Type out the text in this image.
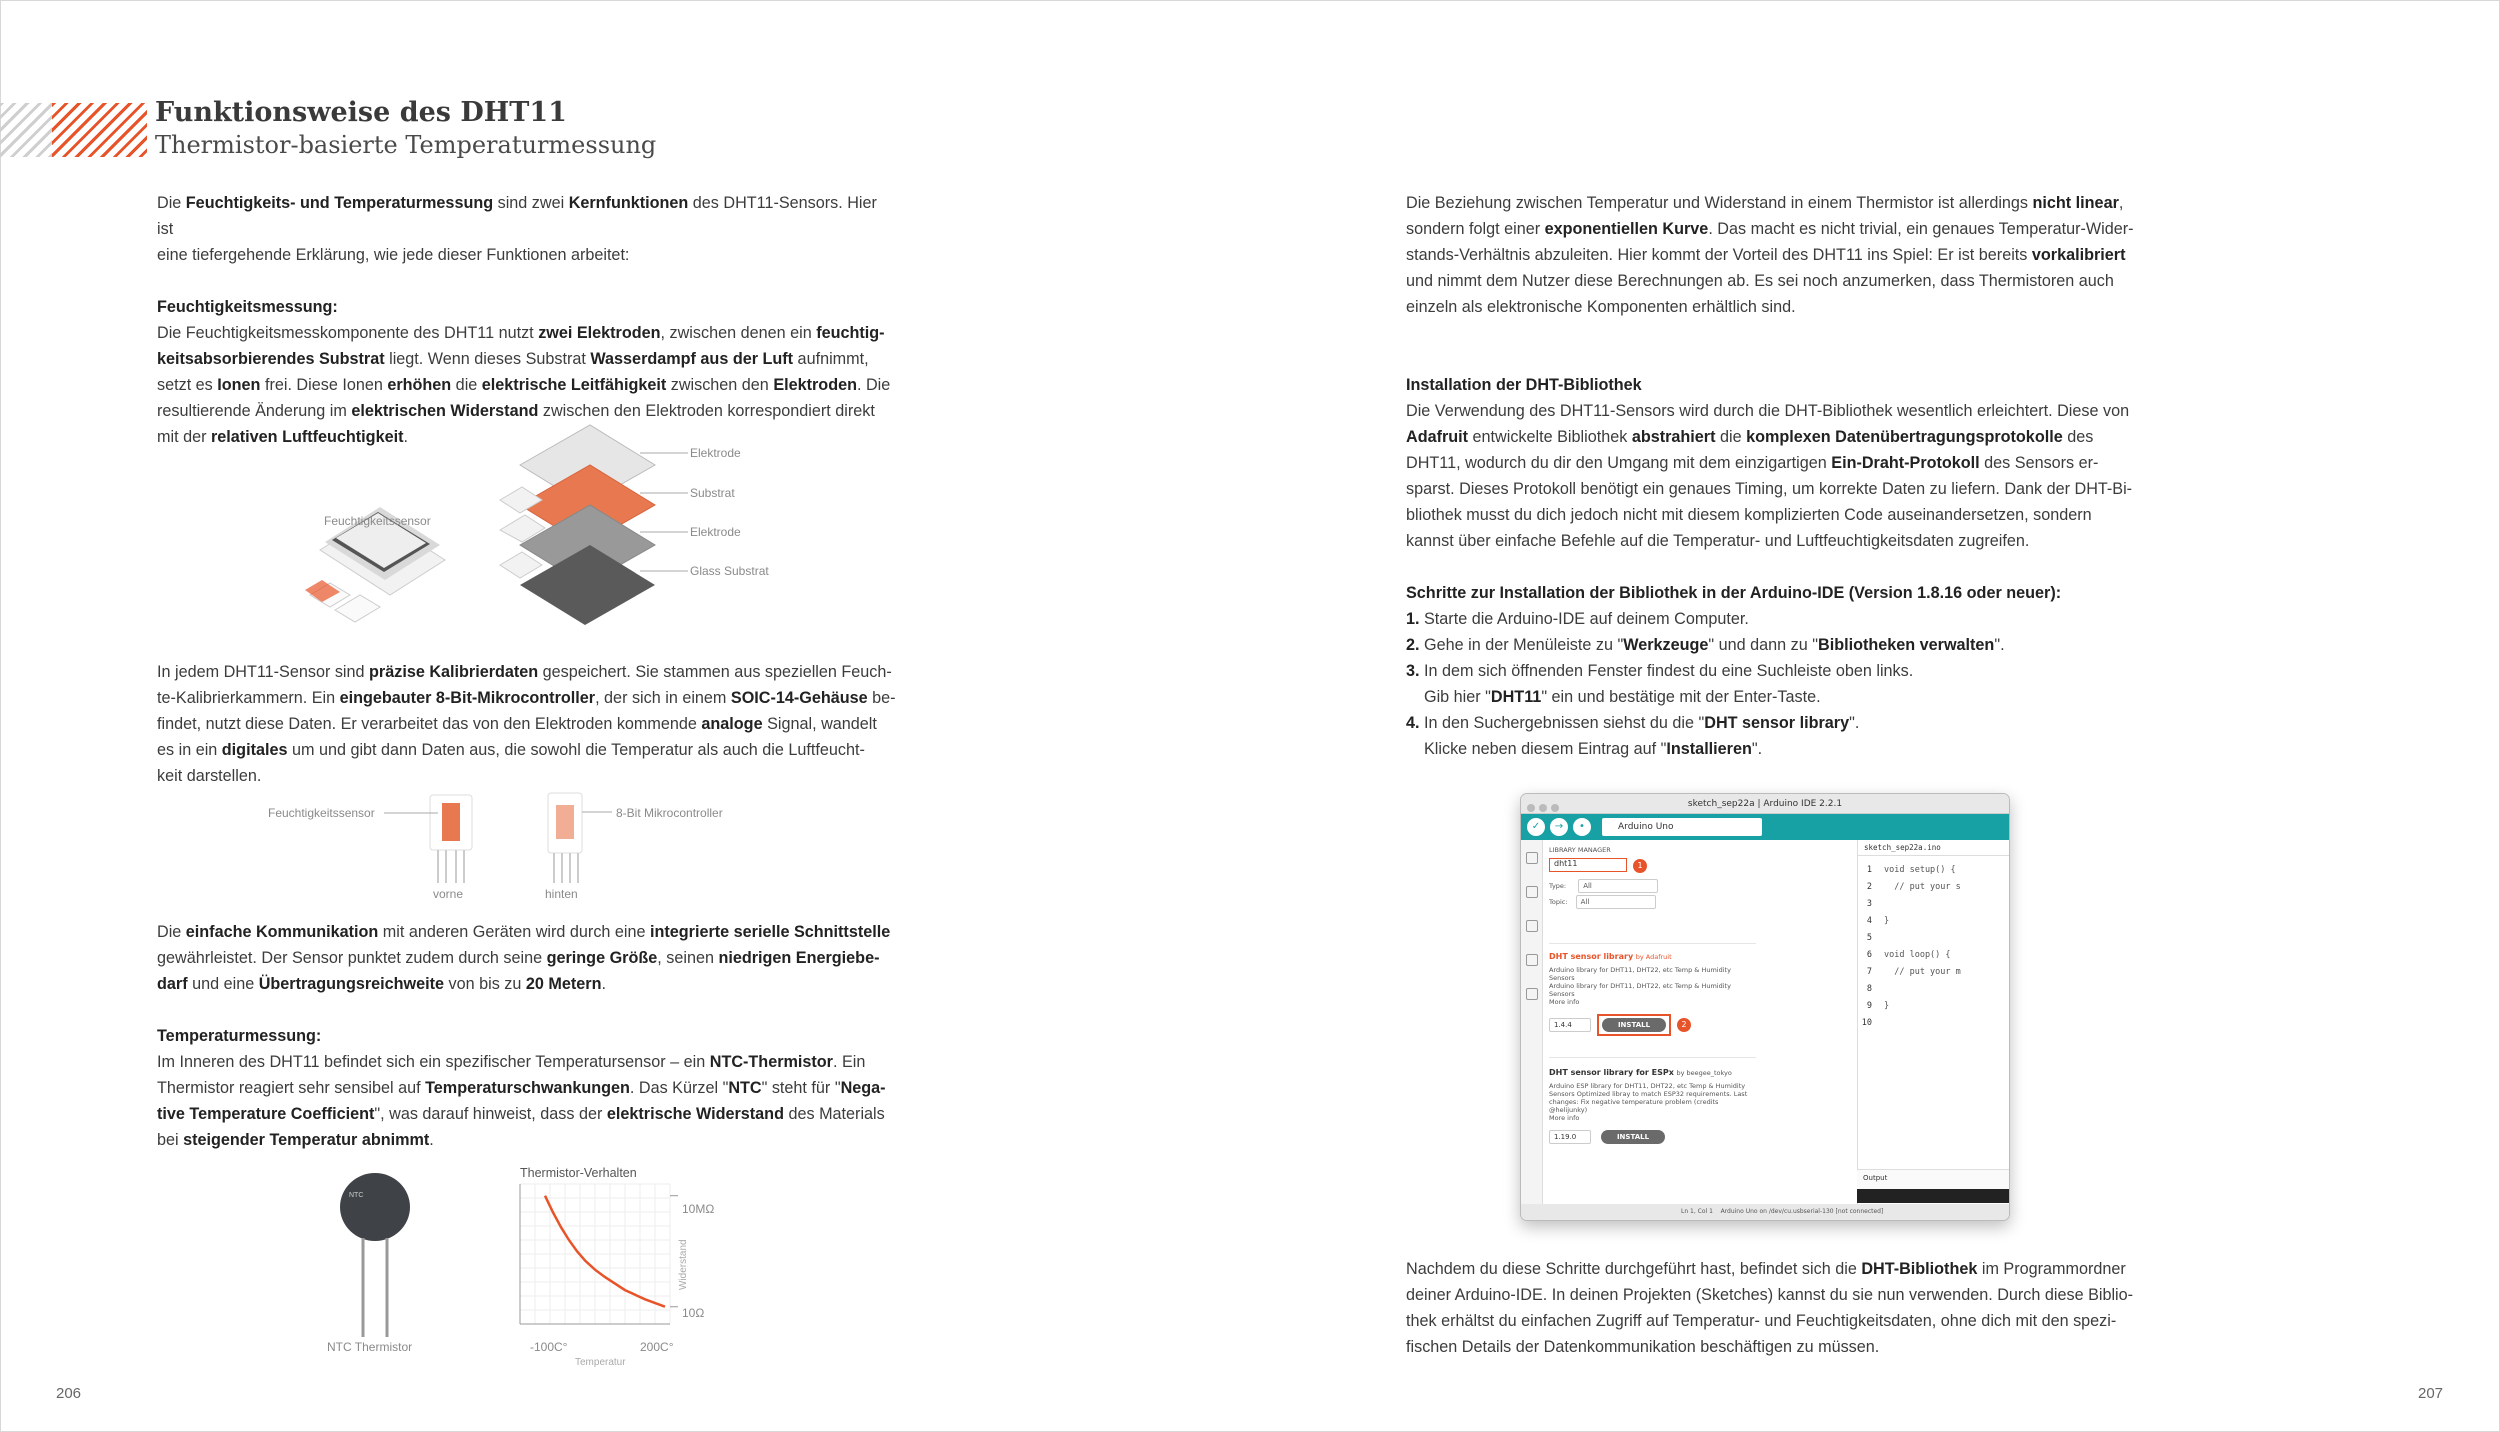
Funktionsweise des DHT11
Thermistor-basierte Temperaturmessung

Die Feuchtigkeits- und Temperaturmessung sind zwei Kernfunktionen des DHT11-Sensors. Hier ist
eine tiefergehende Erklärung, wie jede dieser Funktionen arbeitet:

Feuchtigkeitsmessung:

Die Feuchtigkeitsmesskomponente des DHT11 nutzt zwei Elektroden, zwischen denen ein feuchtig-
keitsabsorbierendes Substrat liegt. Wenn dieses Substrat Wasserdampf aus der Luft aufnimmt,
setzt es Ionen frei. Diese Ionen erhöhen die elektrische Leitfähigkeit zwischen den Elektroden. Die
resultierende Änderung im elektrischen Widerstand zwischen den Elektroden korrespondiert direkt
mit der relativen Luftfeuchtigkeit.

Feuchtigkeitssensor
Elektrode
Substrat
Elektrode
Glass Substrat
In jedem DHT11-Sensor sind präzise Kalibrierdaten gespeichert. Sie stammen aus speziellen Feuch-
te-Kalibrierkammern. Ein eingebauter 8-Bit-Mikrocontroller, der sich in einem SOIC-14-Gehäuse be-
findet, nutzt diese Daten. Er verarbeitet das von den Elektroden kommende analoge Signal, wandelt
es in ein digitales um und gibt dann Daten aus, die sowohl die Temperatur als auch die Luftfeucht-
keit darstellen.
Feuchtigkeitssensor	8-Bit Mikrocontroller
vorne	hinten

Die einfache Kommunikation mit anderen Geräten wird durch eine integrierte serielle Schnittstelle
gewährleistet. Der Sensor punktet zudem durch seine geringe Größe, seinen niedrigen Energiebe-
darf und eine Übertragungsreichweite von bis zu 20 Metern.

Temperaturmessung:

Im Inneren des DHT11 befindet sich ein spezifischer Temperatursensor – ein NTC-Thermistor. Ein
Thermistor reagiert sehr sensibel auf Temperaturschwankungen. Das Kürzel "NTC" steht für "Nega-
tive Temperature Coefficient", was darauf hinweist, dass der elektrische Widerstand des Materials
bei steigender Temperatur abnimmt.

NTC
NTC Thermistor
Thermistor-Verhalten
10MΩ
10Ω
Widerstand
-100C°	200C°
Temperatur
206

Die Beziehung zwischen Temperatur und Widerstand in einem Thermistor ist allerdings nicht linear,
sondern folgt einer exponentiellen Kurve. Das macht es nicht trivial, ein genaues Temperatur-Wider-
stands-Verhältnis abzuleiten. Hier kommt der Vorteil des DHT11 ins Spiel: Er ist bereits vorkalibriert
und nimmt dem Nutzer diese Berechnungen ab. Es sei noch anzumerken, dass Thermistoren auch
einzeln als elektronische Komponenten erhältlich sind.

Installation der DHT-Bibliothek

Die Verwendung des DHT11-Sensors wird durch die DHT-Bibliothek wesentlich erleichtert. Diese von
Adafruit entwickelte Bibliothek abstrahiert die komplexen Datenübertragungsprotokolle des
DHT11, wodurch du dir den Umgang mit dem einzigartigen Ein-Draht-Protokoll des Sensors er-
sparst. Dieses Protokoll benötigt ein genaues Timing, um korrekte Daten zu liefern. Dank der DHT-Bi-
bliothek musst du dich jedoch nicht mit diesem komplizierten Code auseinandersetzen, sondern
kannst über einfache Befehle auf die Temperatur- und Luftfeuchtigkeitsdaten zugreifen.

Schritte zur Installation der Bibliothek in der Arduino-IDE (Version 1.8.16 oder neuer):

1. Starte die Arduino-IDE auf deinem Computer.
2. Gehe in der Menüleiste zu "Werkzeuge" und dann zu "Bibliotheken verwalten".
3. In dem sich öffnenden Fenster findest du eine Suchleiste oben links.
Gib hier "DHT11" ein und bestätige mit der Enter-Taste.
4. In den Suchergebnissen siehst du die "DHT sensor library".
Klicke neben diesem Eintrag auf "Installieren".

sketch_sep22a | Arduino IDE 2.2.1
✓	→	•	Arduino Uno
LIBRARY MANAGER
dht11	1
Type: All
Topic: All
DHT sensor library by Adafruit
Arduino library for DHT11, DHT22, etc Temp & Humidity Sensors
Arduino library for DHT11, DHT22, etc Temp & Humidity Sensors
More info
1.4.4	INSTALL	2
DHT sensor library for ESPx by beegee_tokyo
Arduino ESP library for DHT11, DHT22, etc Temp & Humidity
Sensors Optimized libray to match ESP32 requirements. Last
changes: Fix negative temperature problem (credits @helijunky)
More info
1.19.0	INSTALL
sketch_sep22a.ino
1 void setup() {
2  // put your s
3
4 }
5
6 void loop() {
7  // put your m
8
9 }
10
Output
Ln 1, Col 1    Arduino Uno on /dev/cu.usbserial-130 [not connected]
Nachdem du diese Schritte durchgeführt hast, befindet sich die DHT-Bibliothek im Programmordner
deiner Arduino-IDE. In deinen Projekten (Sketches) kannst du sie nun verwenden. Durch diese Biblio-
thek erhältst du einfachen Zugriff auf Temperatur- und Feuchtigkeitsdaten, ohne dich mit den spezi-
fischen Details der Datenkommunikation beschäftigen zu müssen.
207
